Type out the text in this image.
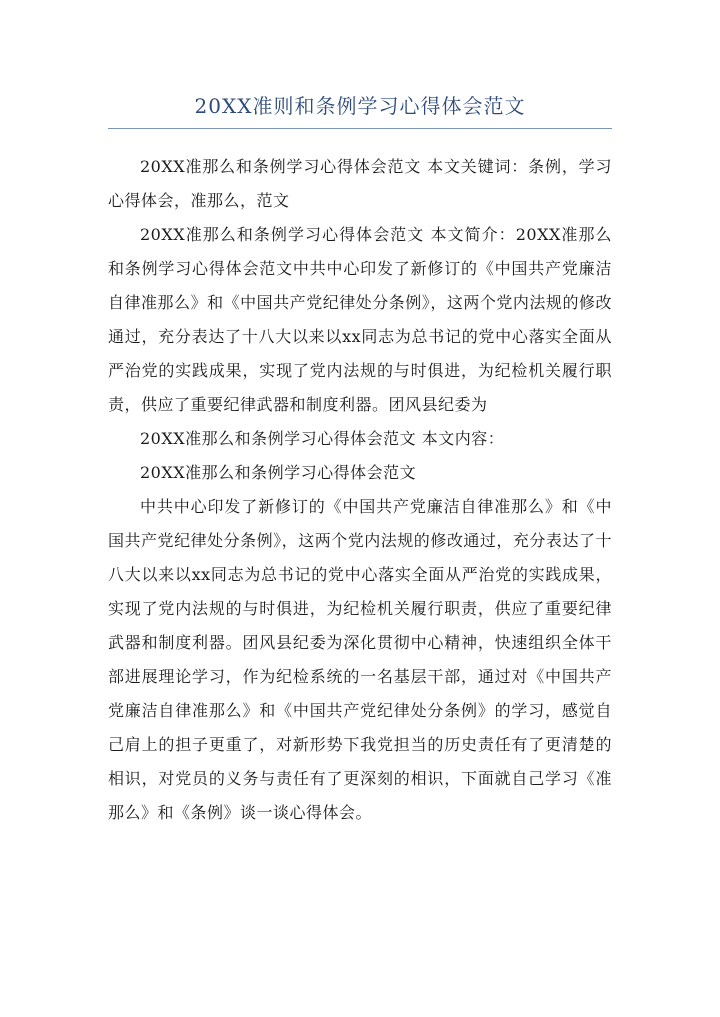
20XX准则和条例学习心得体会范文

20XX准那么和条例学习心得体会范文 本文关键词：条例，学习心得体会，准那么，范文

20XX准那么和条例学习心得体会范文 本文简介：20XX准那么和条例学习心得体会范文中共中心印发了新修订的《中国共产党廉洁自律准那么》和《中国共产党纪律处分条例》，这两个党内法规的修改通过，充分表达了十八大以来以xx同志为总书记的党中心落实全面从严治党的实践成果，实现了党内法规的与时俱进，为纪检机关履行职责，供应了重要纪律武器和制度利器。团风县纪委为

20XX准那么和条例学习心得体会范文 本文内容：

20XX准那么和条例学习心得体会范文

中共中心印发了新修订的《中国共产党廉洁自律准那么》和《中国共产党纪律处分条例》，这两个党内法规的修改通过，充分表达了十八大以来以xx同志为总书记的党中心落实全面从严治党的实践成果，实现了党内法规的与时俱进，为纪检机关履行职责，供应了重要纪律武器和制度利器。团风县纪委为深化贯彻中心精神，快速组织全体干部进展理论学习，作为纪检系统的一名基层干部，通过对《中国共产党廉洁自律准那么》和《中国共产党纪律处分条例》的学习，感觉自己肩上的担子更重了，对新形势下我党担当的历史责任有了更清楚的相识，对党员的义务与责任有了更深刻的相识，下面就自己学习《准那么》和《条例》谈一谈心得体会。
